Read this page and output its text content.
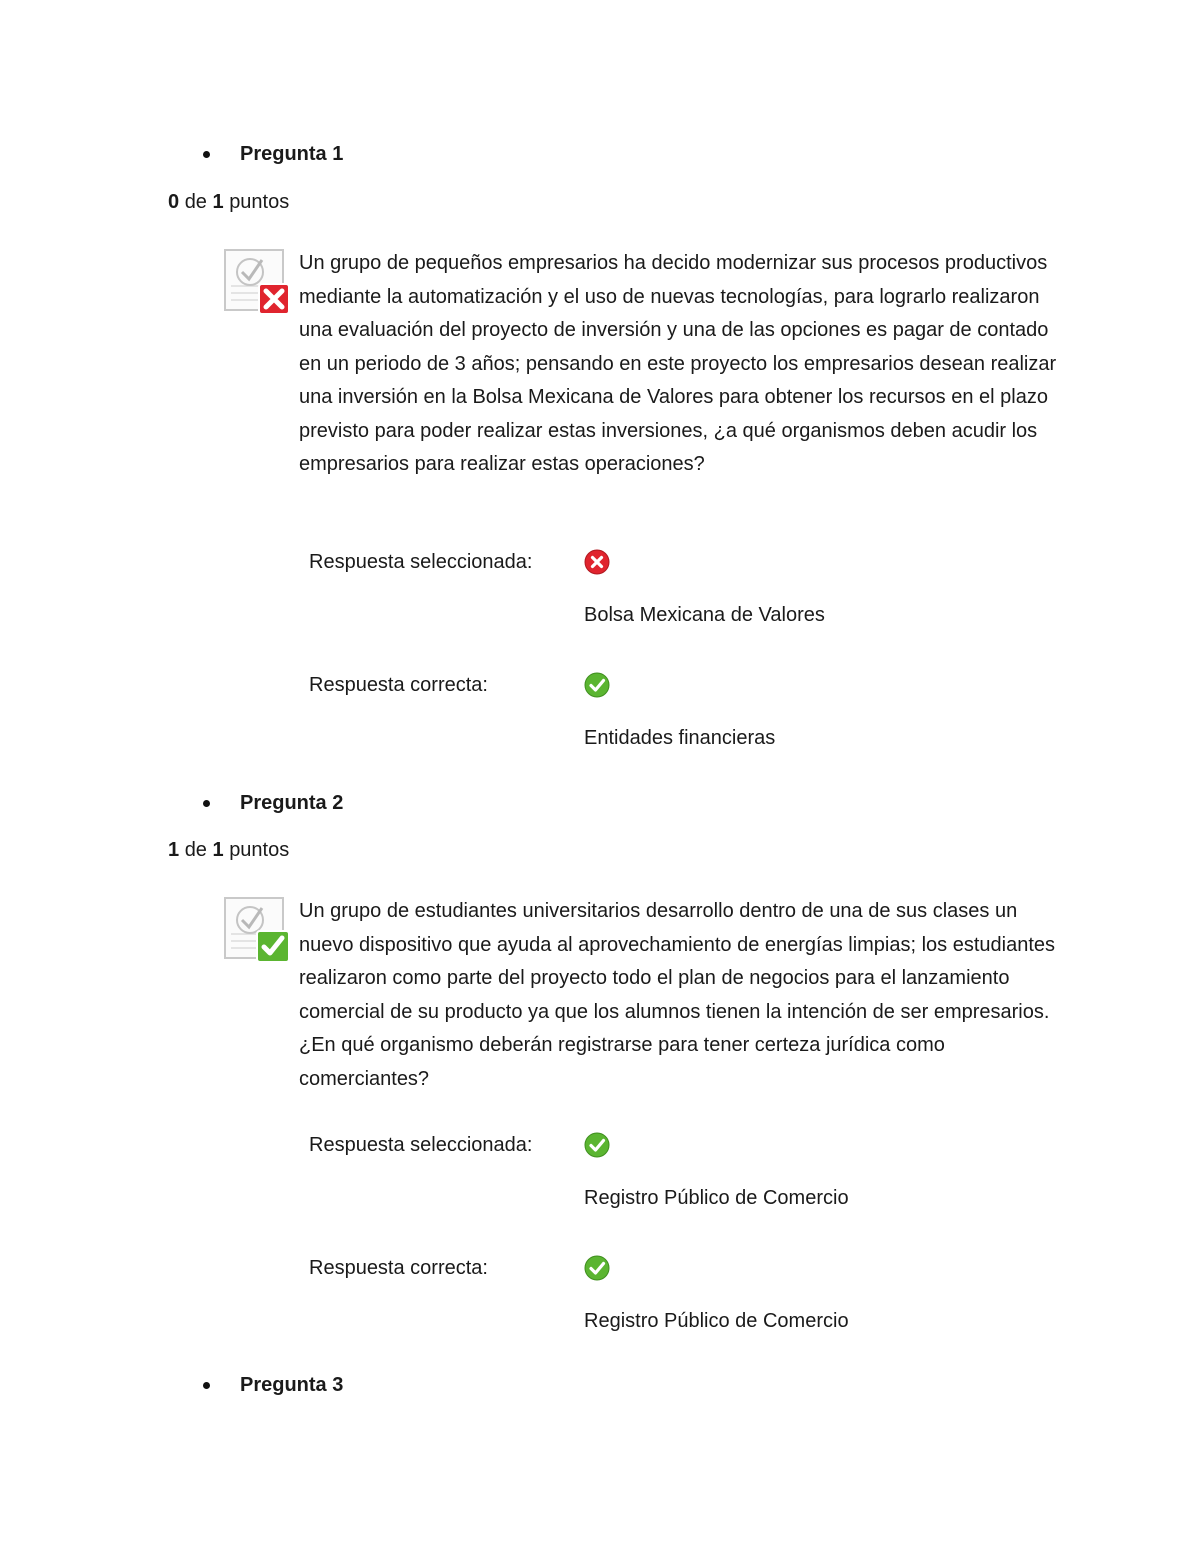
Pregunta 1
0 de 1 puntos
Un grupo de pequeños empresarios ha decido modernizar sus procesos productivos mediante la automatización y el uso de nuevas tecnologías, para lograrlo realizaron una evaluación del proyecto de inversión y una de las opciones es pagar de contado en un periodo de 3 años; pensando en este proyecto los empresarios desean realizar una inversión en la Bolsa Mexicana de Valores para obtener los recursos en el plazo previsto para poder realizar estas inversiones, ¿a qué organismos deben acudir los empresarios para realizar estas operaciones?
Respuesta seleccionada:
Bolsa Mexicana de Valores
Respuesta correcta:
Entidades financieras
Pregunta 2
1 de 1 puntos
Un grupo de estudiantes universitarios desarrollo dentro de una de sus clases un nuevo dispositivo que ayuda al aprovechamiento de energías limpias; los estudiantes realizaron como parte del proyecto todo el plan de negocios para el lanzamiento comercial de su producto ya que los alumnos tienen la intención de ser empresarios. ¿En qué organismo deberán registrarse para tener certeza jurídica como comerciantes?
Respuesta seleccionada:
Registro Público de Comercio
Respuesta correcta:
Registro Público de Comercio
Pregunta 3
